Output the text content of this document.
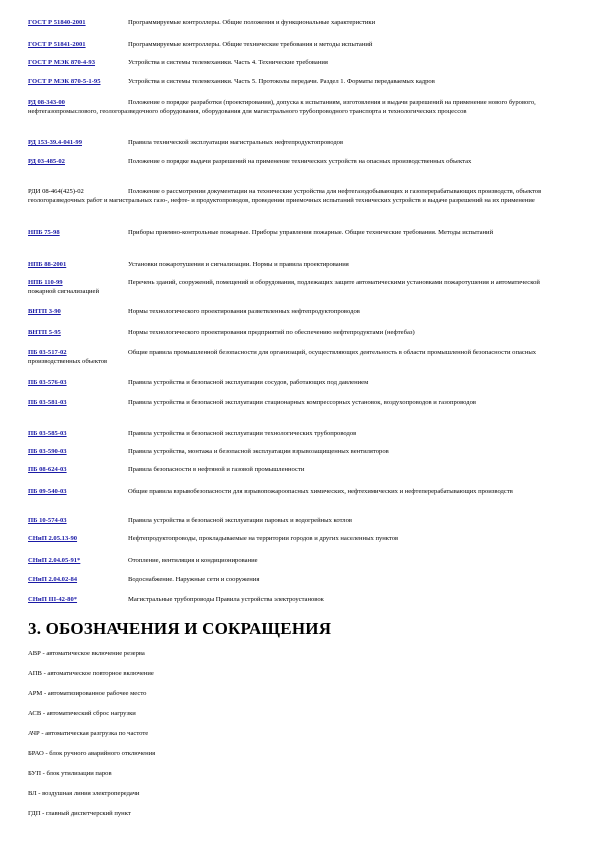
ГОСТ Р 51840-2001	Программируемые контроллеры. Общие положения и функциональные характеристики
ГОСТ Р 51841-2001	Программируемые контроллеры. Общие технические требования и методы испытаний
ГОСТ Р МЭК 870-4-93	Устройства и системы телемеханики. Часть 4. Технические требования
ГОСТ Р МЭК 870-5-1-95	Устройства и системы телемеханики. Часть 5. Протоколы передачи. Раздел 1. Форматы передаваемых кадров
РД 08-343-00	Положение о порядке разработки (проектирования), допуска к испытаниям, изготовления и выдачи разрешений на применение нового бурового, нефтегазопромыслового, геологоразведочного оборудования, оборудования для магистрального трубопроводного транспорта и технологических процессов
РД 153-39.4-041-99	Правила технической эксплуатации магистральных нефтепродуктопроводов
РД 03-485-02	Положение о порядке выдачи разрешений на применение технических устройств на опасных производственных объектах
РДИ 08-464(425)-02	Положение о рассмотрении документации на технические устройства для нефтегазодобывающих и газоперерабатывающих производств, объектов геологоразведочных работ и магистральных газо-, нефте- и продуктопроводов, проведении приемочных испытаний технических устройств и выдаче разрешений на их применение
НПБ 75-98	Приборы приемно-контрольные пожарные. Приборы управления пожарные. Общие технические требования. Методы испытаний
НПБ 88-2001	Установки пожаротушения и сигнализации. Нормы и правила проектирования
НПБ 110-99	Перечень зданий, сооружений, помещений и оборудования, подлежащих защите автоматическими установками пожаротушения и автоматической пожарной сигнализацией
ВНТП 3-90	Нормы технологического проектирования разветвленных нефтепродуктопроводов
ВНТП 5-95	Нормы технологического проектирования предприятий по обеспечению нефтепродуктами (нефтебаз)
ПБ 03-517-02	Общие правила промышленной безопасности для организаций, осуществляющих деятельность в области промышленной безопасности опасных производственных объектов
ПБ 03-576-03	Правила устройства и безопасной эксплуатации сосудов, работающих под давлением
ПБ 03-581-03	Правила устройства и безопасной эксплуатации стационарных компрессорных установок, воздухопроводов и газопроводов
ПБ 03-585-03	Правила устройства и безопасной эксплуатации технологических трубопроводов
ПБ 03-590-03	Правила устройства, монтажа и безопасной эксплуатации взрывозащищенных вентиляторов
ПБ 08-624-03	Правила безопасности в нефтяной и газовой промышленности
ПБ 09-540-03	Общие правила взрывобезопасности для взрывопожароопасных химических, нефтехимических и нефтеперерабатывающих производств
ПБ 10-574-03	Правила устройства и безопасной эксплуатации паровых и водогрейных котлов
СНиП 2.05.13-90	Нефтепродуктопроводы, прокладываемые на территории городов и других населенных пунктов
СНиП 2.04.05-91*	Отопление, вентиляция и кондиционирование
СНиП 2.04.02-84	Водоснабжение. Наружные сети и сооружения
СНиП III-42-80*	Магистральные трубопроводы Правила устройства электроустановок
3. ОБОЗНАЧЕНИЯ И СОКРАЩЕНИЯ
АВР - автоматическое включение резерва
АПВ - автоматическое повторное включение
АРМ - автоматизированное рабочее место
АСВ - автоматический сброс нагрузки
АЧР - автоматическая разгрузка по частоте
БРАО - блок ручного аварийного отключения
БУП - блок утилизации паров
ВЛ - воздушная линия электропередачи
ГДП - главный диспетчерский пункт
